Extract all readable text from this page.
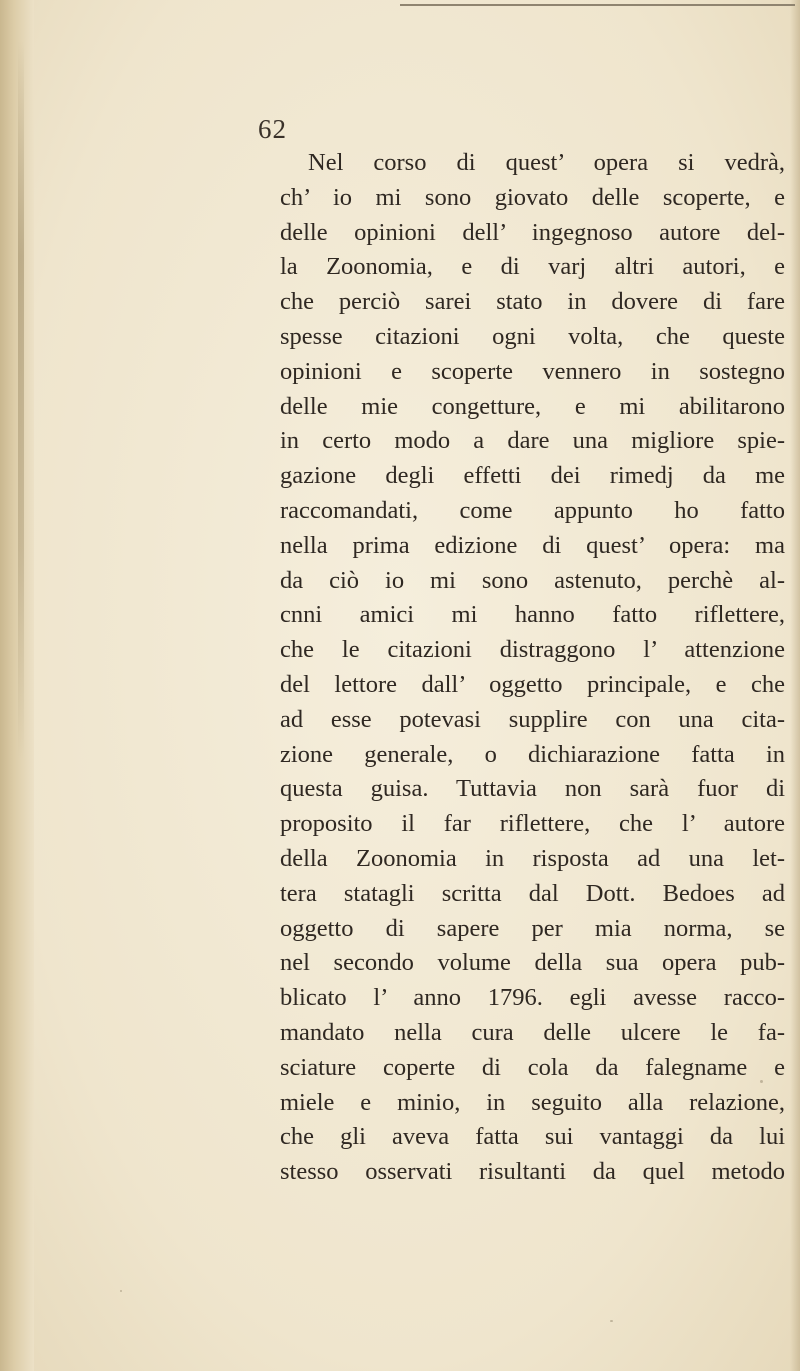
62
Nel corso di quest’ opera si vedrà,
ch’ io mi sono giovato delle scoperte, e
delle opinioni dell’ ingegnoso autore del-
la Zoonomia, e di varj altri autori, e
che perciò sarei stato in dovere di fare
spesse citazioni ogni volta, che queste
opinioni e scoperte vennero in sostegno
delle mie congetture, e mi abilitarono
in certo modo a dare una migliore spie-
gazione degli effetti dei rimedj da me
raccomandati, come appunto ho fatto
nella prima edizione di quest’ opera: ma
da ciò io mi sono astenuto, perchè al-
cnni amici mi hanno fatto riflettere,
che le citazioni distraggono l’ attenzione
del lettore dall’ oggetto principale, e che
ad esse potevasi supplire con una cita-
zione generale, o dichiarazione fatta in
questa guisa. Tuttavia non sarà fuor di
proposito il far riflettere, che l’ autore
della Zoonomia in risposta ad una let-
tera statagli scritta dal Dott. Bedoes ad
oggetto di sapere per mia norma, se
nel secondo volume della sua opera pub-
blicato l’ anno 1796. egli avesse racco-
mandato nella cura delle ulcere le fa-
sciature coperte di cola da falegname e
miele e minio, in seguito alla relazione,
che gli aveva fatta sui vantaggi da lui
stesso osservati risultanti da quel metodo
